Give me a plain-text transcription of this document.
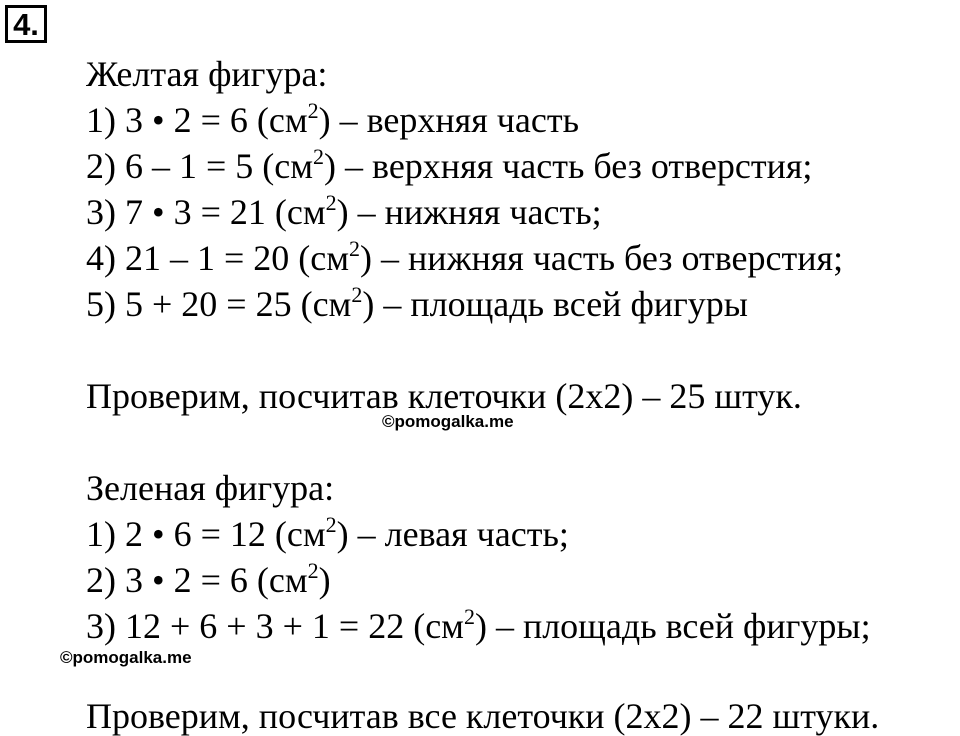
4.
Желтая фигура:
1) 3 • 2 = 6 $(см^2)$ – верхняя часть
2) 6 – 1 = 5 $(см^2)$ – верхняя часть без отверстия;
3) 7 • 3 = 21 $(см^2)$ – нижняя часть;
4) 21 – 1 = 20 $(см^2)$ – нижняя часть без отверстия;
5) 5 + 20 = 25 $(см^2)$ – площадь всей фигуры
Проверим, посчитав клеточки (2х2) – 25 штук.
©pomogalka.me
Зеленая фигура:
1) 2 • 6 = 12 $(см^2)$ – левая часть;
2) 3 • 2 = 6 $(см^2)$
3) 12 + 6 + 3 + 1 = 22 $(см^2)$ – площадь всей фигуры;
©pomogalka.me
Проверим, посчитав все клеточки (2х2) – 22 штуки.
